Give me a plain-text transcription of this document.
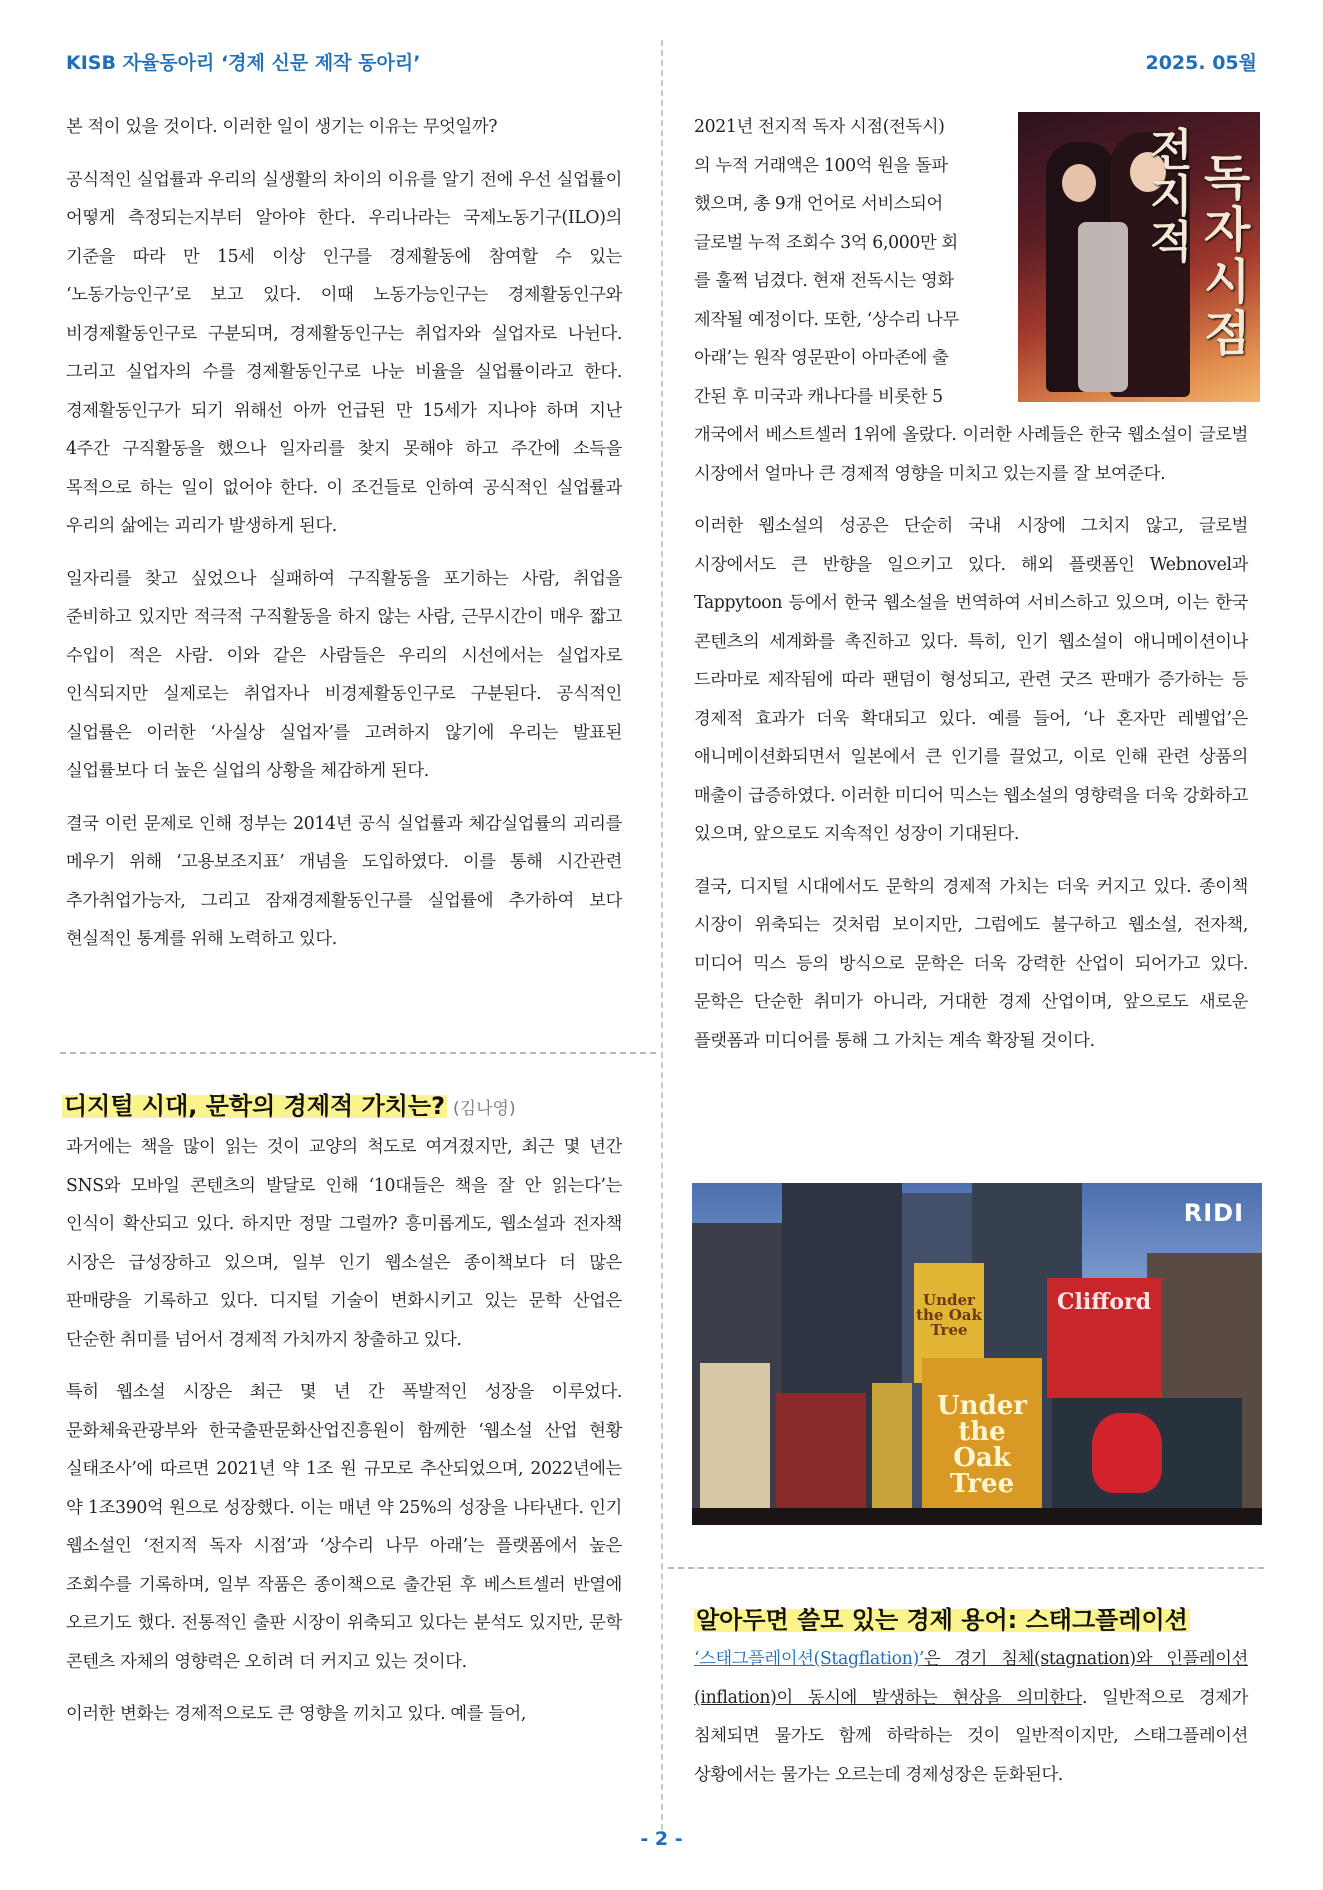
KISB 자율동아리 ‘경제 신문 제작 동아리’	2025. 05월

본 적이 있을 것이다. 이러한 일이 생기는 이유는 무엇일까?

공식적인 실업률과 우리의 실생활의 차이의 이유를 알기 전에 우선 실업률이 어떻게 측정되는지부터 알아야 한다. 우리나라는 국제노동기구(ILO)의 기준을 따라 만 15세 이상 인구를 경제활동에 참여할 수 있는 ‘노동가능인구’로 보고 있다. 이때 노동가능인구는 경제활동인구와 비경제활동인구로 구분되며, 경제활동인구는 취업자와 실업자로 나뉜다. 그리고 실업자의 수를 경제활동인구로 나눈 비율을 실업률이라고 한다. 경제활동인구가 되기 위해선 아까 언급된 만 15세가 지나야 하며 지난 4주간 구직활동을 했으나 일자리를 찾지 못해야 하고 주간에 소득을 목적으로 하는 일이 없어야 한다. 이 조건들로 인하여 공식적인 실업률과 우리의 삶에는 괴리가 발생하게 된다.

일자리를 찾고 싶었으나 실패하여 구직활동을 포기하는 사람, 취업을 준비하고 있지만 적극적 구직활동을 하지 않는 사람, 근무시간이 매우 짧고 수입이 적은 사람. 이와 같은 사람들은 우리의 시선에서는 실업자로 인식되지만 실제로는 취업자나 비경제활동인구로 구분된다. 공식적인 실업률은 이러한 ‘사실상 실업자’를 고려하지 않기에 우리는 발표된 실업률보다 더 높은 실업의 상황을 체감하게 된다.

결국 이런 문제로 인해 정부는 2014년 공식 실업률과 체감실업률의 괴리를 메우기 위해 ‘고용보조지표’ 개념을 도입하였다. 이를 통해 시간관련 추가취업가능자, 그리고 잠재경제활동인구를 실업률에 추가하여 보다 현실적인 통계를 위해 노력하고 있다.

디지털 시대, 문학의 경제적 가치는? (김나영)

과거에는 책을 많이 읽는 것이 교양의 척도로 여겨졌지만, 최근 몇 년간 SNS와 모바일 콘텐츠의 발달로 인해 ‘10대들은 책을 잘 안 읽는다’는 인식이 확산되고 있다. 하지만 정말 그럴까? 흥미롭게도, 웹소설과 전자책 시장은 급성장하고 있으며, 일부 인기 웹소설은 종이책보다 더 많은 판매량을 기록하고 있다. 디지털 기술이 변화시키고 있는 문학 산업은 단순한 취미를 넘어서 경제적 가치까지 창출하고 있다.

특히 웹소설 시장은 최근 몇 년 간 폭발적인 성장을 이루었다. 문화체육관광부와 한국출판문화산업진흥원이 함께한 ‘웹소설 산업 현황 실태조사’에 따르면 2021년 약 1조 원 규모로 추산되었으며, 2022년에는 약 1조390억 원으로 성장했다. 이는 매년 약 25%의 성장을 나타낸다. 인기 웹소설인 ‘전지적 독자 시점’과 ‘상수리 나무 아래’는 플랫폼에서 높은 조회수를 기록하며, 일부 작품은 종이책으로 출간된 후 베스트셀러 반열에 오르기도 했다. 전통적인 출판 시장이 위축되고 있다는 분석도 있지만, 문학 콘텐츠 자체의 영향력은 오히려 더 커지고 있는 것이다.

이러한 변화는 경제적으로도 큰 영향을 끼치고 있다. 예를 들어,

2021년 전지적 독자 시점(전독시)
의 누적 거래액은 100억 원을 돌파
했으며, 총 9개 언어로 서비스되어
글로벌 누적 조회수 3억 6,000만 회
를 훌쩍 넘겼다. 현재 전독시는 영화
제작될 예정이다. 또한, ‘상수리 나무
아래’는 원작 영문판이 아마존에 출
간된 후 미국과 캐나다를 비롯한 5
전지적
독자시점

개국에서 베스트셀러 1위에 올랐다. 이러한 사례들은 한국 웹소설이 글로벌 시장에서 얼마나 큰 경제적 영향을 미치고 있는지를 잘 보여준다.

이러한 웹소설의 성공은 단순히 국내 시장에 그치지 않고, 글로벌 시장에서도 큰 반향을 일으키고 있다. 해외 플랫폼인 Webnovel과 Tappytoon 등에서 한국 웹소설을 번역하여 서비스하고 있으며, 이는 한국 콘텐츠의 세계화를 촉진하고 있다. 특히, 인기 웹소설이 애니메이션이나 드라마로 제작됨에 따라 팬덤이 형성되고, 관련 굿즈 판매가 증가하는 등 경제적 효과가 더욱 확대되고 있다. 예를 들어, ‘나 혼자만 레벨업’은 애니메이션화되면서 일본에서 큰 인기를 끌었고, 이로 인해 관련 상품의 매출이 급증하였다. 이러한 미디어 믹스는 웹소설의 영향력을 더욱 강화하고 있으며, 앞으로도 지속적인 성장이 기대된다.

결국, 디지털 시대에서도 문학의 경제적 가치는 더욱 커지고 있다. 종이책 시장이 위축되는 것처럼 보이지만, 그럼에도 불구하고 웹소설, 전자책, 미디어 믹스 등의 방식으로 문학은 더욱 강력한 산업이 되어가고 있다. 문학은 단순한 취미가 아니라, 거대한 경제 산업이며, 앞으로도 새로운 플랫폼과 미디어를 통해 그 가치는 계속 확장될 것이다.

Under the Oak Tree
Under the Oak Tree
Clifford
RIDI
알아두면 쓸모 있는 경제 용어: 스태그플레이션

‘스태그플레이션(Stagflation)’은 경기 침체(stagnation)와 인플레이션(inflation)이 동시에 발생하는 현상을 의미한다. 일반적으로 경제가 침체되면 물가도 함께 하락하는 것이 일반적이지만, 스태그플레이션 상황에서는 물가는 오르는데 경제성장은 둔화된다.

- 2 -
